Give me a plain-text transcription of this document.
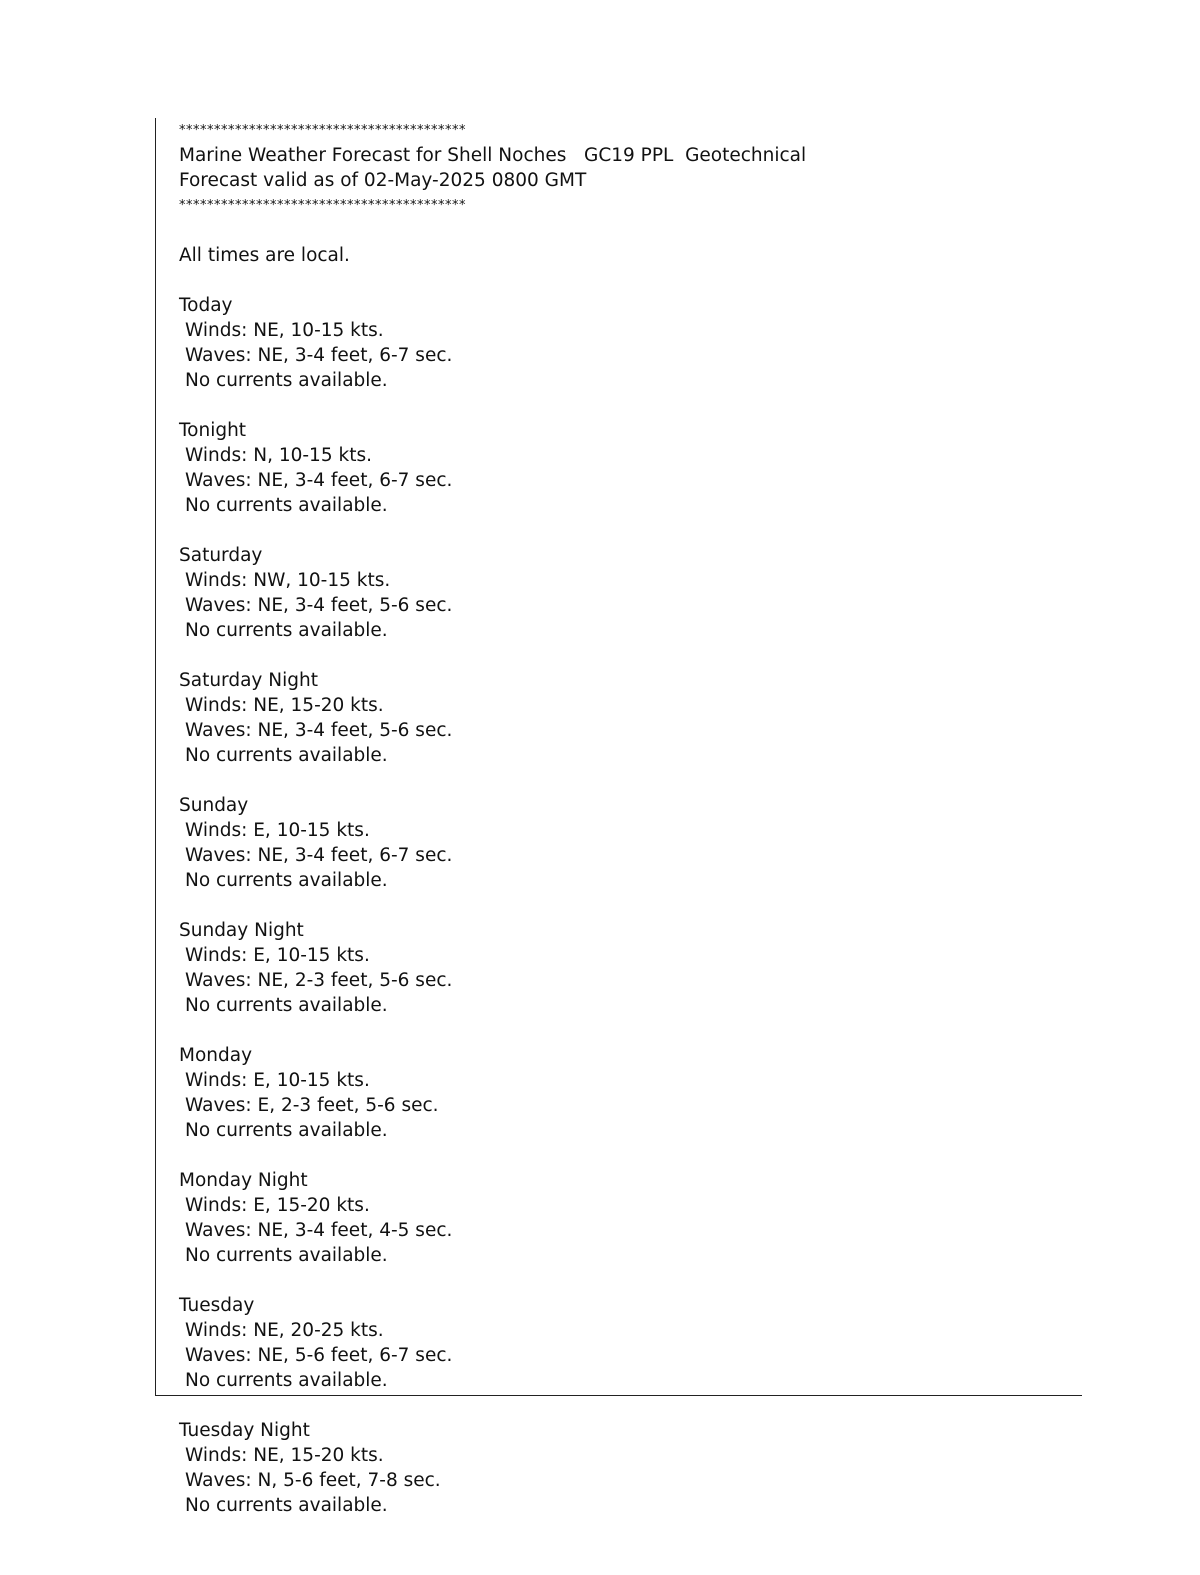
*****************************************
Marine Weather Forecast for Shell Noches   GC19 PPL  Geotechnical
Forecast valid as of 02-May-2025 0800 GMT
*****************************************
All times are local.
Today
Winds: NE, 10-15 kts.
Waves: NE, 3-4 feet, 6-7 sec.
No currents available.
Tonight
Winds: N, 10-15 kts.
Waves: NE, 3-4 feet, 6-7 sec.
No currents available.
Saturday
Winds: NW, 10-15 kts.
Waves: NE, 3-4 feet, 5-6 sec.
No currents available.
Saturday Night
Winds: NE, 15-20 kts.
Waves: NE, 3-4 feet, 5-6 sec.
No currents available.
Sunday
Winds: E, 10-15 kts.
Waves: NE, 3-4 feet, 6-7 sec.
No currents available.
Sunday Night
Winds: E, 10-15 kts.
Waves: NE, 2-3 feet, 5-6 sec.
No currents available.
Monday
Winds: E, 10-15 kts.
Waves: E, 2-3 feet, 5-6 sec.
No currents available.
Monday Night
Winds: E, 15-20 kts.
Waves: NE, 3-4 feet, 4-5 sec.
No currents available.
Tuesday
Winds: NE, 20-25 kts.
Waves: NE, 5-6 feet, 6-7 sec.
No currents available.
Tuesday Night
Winds: NE, 15-20 kts.
Waves: N, 5-6 feet, 7-8 sec.
No currents available.
